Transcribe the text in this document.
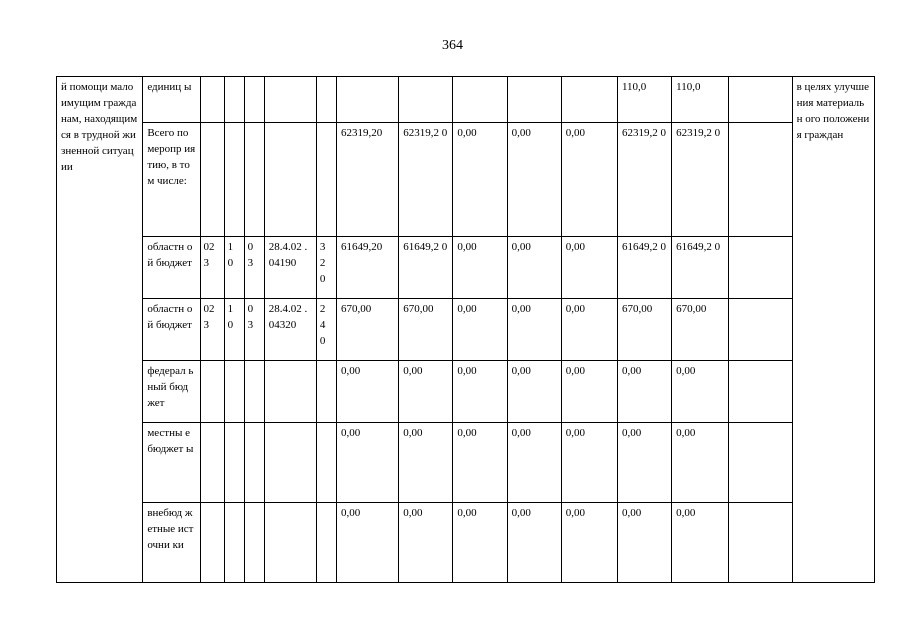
364
й помощи малоимущим гражданам, находящимся в трудной жизненной ситуации	единиц ы											110,0	110,0		в целях улучшения материальн ого положения граждан
	Всего по меропр иятию, в том числе:						62319,20	62319,2 0	0,00	0,00	0,00	62319,2 0	62319,2 0		
	областн ой бюджет	02 3	1 0	0 3	28.4.02 .04190	3 2 0	61649,20	61649,2 0	0,00	0,00	0,00	61649,2 0	61649,2 0		
	областн ой бюджет	02 3	1 0	0 3	28.4.02 .04320	2 4 0	670,00	670,00	0,00	0,00	0,00	670,00	670,00		
	федерал ьный бюджет						0,00	0,00	0,00	0,00	0,00	0,00	0,00		
	местны е бюджет ы						0,00	0,00	0,00	0,00	0,00	0,00	0,00		
	внебюд жетные источни ки						0,00	0,00	0,00	0,00	0,00	0,00	0,00		
